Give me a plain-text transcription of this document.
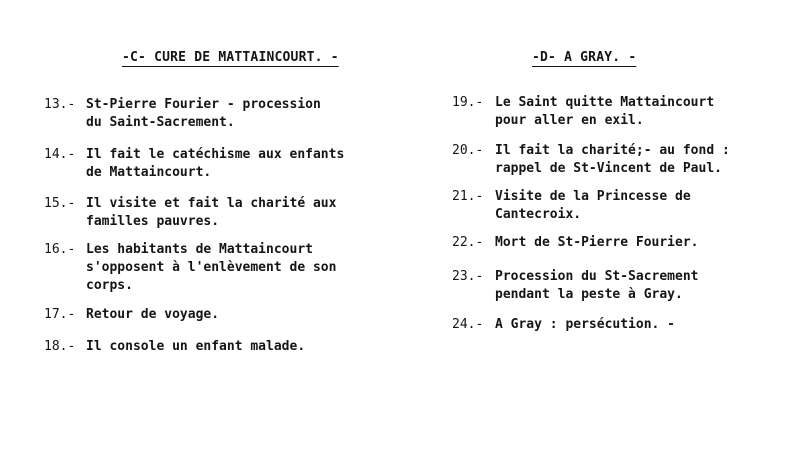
-C- CURE DE MATTAINCOURT. -	-D- A GRAY. -
13.- St-Pierre Fourier - procession
du Saint-Sacrement.
14.- Il fait le catéchisme aux enfants
de Mattaincourt.
15.- Il visite et fait la charité aux
familles pauvres.
16.- Les habitants de Mattaincourt
s'opposent à l'enlèvement de son
corps.
17.- Retour de voyage.
18.- Il console un enfant malade.
19.- Le Saint quitte Mattaincourt
pour aller en exil.
20.- Il fait la charité;- au fond :
rappel de St-Vincent de Paul.
21.- Visite de la Princesse de
Cantecroix.
22.- Mort de St-Pierre Fourier.
23.- Procession du St-Sacrement
pendant la peste à Gray.
24.- A Gray : persécution. -
